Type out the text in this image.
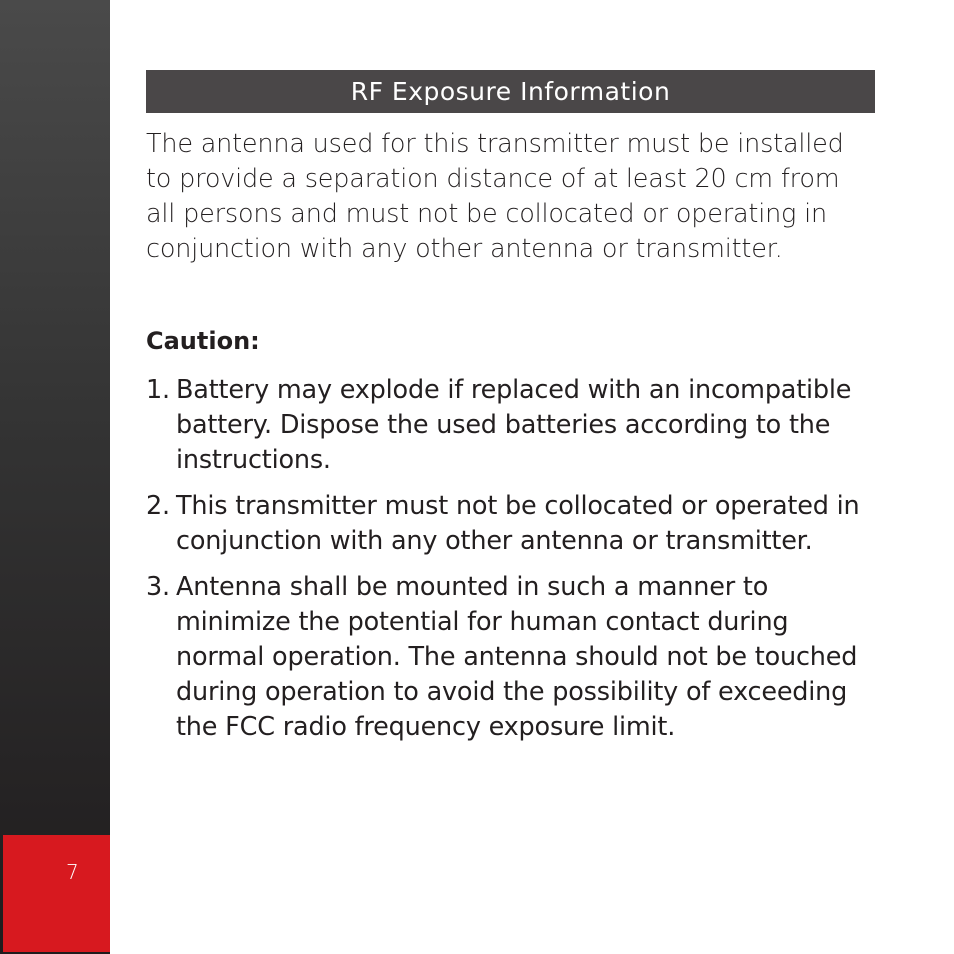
7
RF Exposure Information

The antenna used for this transmitter must be installed to provide a separation distance of at least 20 cm from all persons and must not be collocated or operating in conjunction with any other antenna or transmitter.

Caution:
1. Battery may explode if replaced with an incompatible battery. Dispose the used batteries according to the instructions.
2. This transmitter must not be collocated or operated in conjunction with any other antenna or transmitter.
3. Antenna shall be mounted in such a manner to minimize the potential for human contact during normal operation. The antenna should not be touched during operation to avoid the possibility of exceeding the FCC radio frequency exposure limit.
